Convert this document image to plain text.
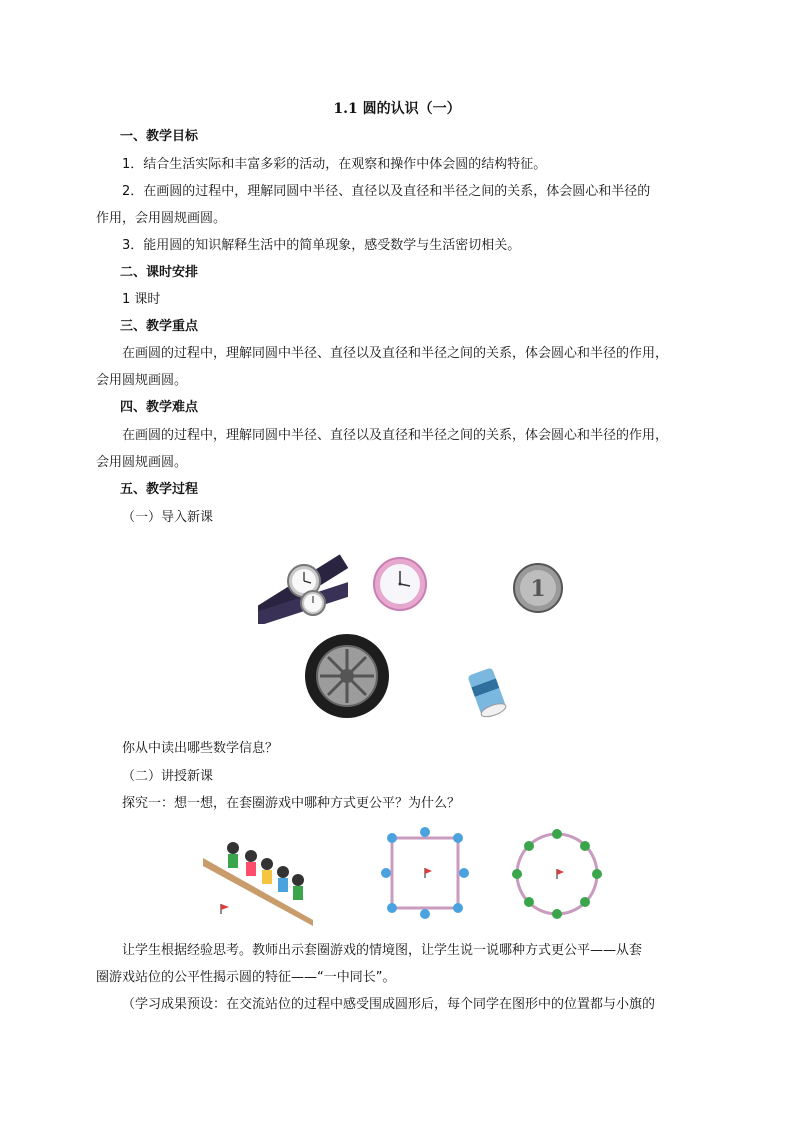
1.1 圆的认识（一）
一、教学目标
1．结合生活实际和丰富多彩的活动，在观察和操作中体会圆的结构特征。
2．在画圆的过程中，理解同圆中半径、直径以及直径和半径之间的关系，体会圆心和半径的
作用，会用圆规画圆。
3．能用圆的知识解释生活中的简单现象，感受数学与生活密切相关。
二、课时安排
1 课时
三、教学重点
在画圆的过程中，理解同圆中半径、直径以及直径和半径之间的关系，体会圆心和半径的作用，
会用圆规画圆。
四、教学难点
在画圆的过程中，理解同圆中半径、直径以及直径和半径之间的关系，体会圆心和半径的作用，
会用圆规画圆。
五、教学过程
（一）导入新课
1
你从中读出哪些数学信息？
（二）讲授新课
探究一：想一想，在套圈游戏中哪种方式更公平？为什么？
让学生根据经验思考。教师出示套圈游戏的情境图，让学生说一说哪种方式更公平——从套
圈游戏站位的公平性揭示圆的特征——“一中同长”。
（学习成果预设：在交流站位的过程中感受围成圆形后，每个同学在图形中的位置都与小旗的
